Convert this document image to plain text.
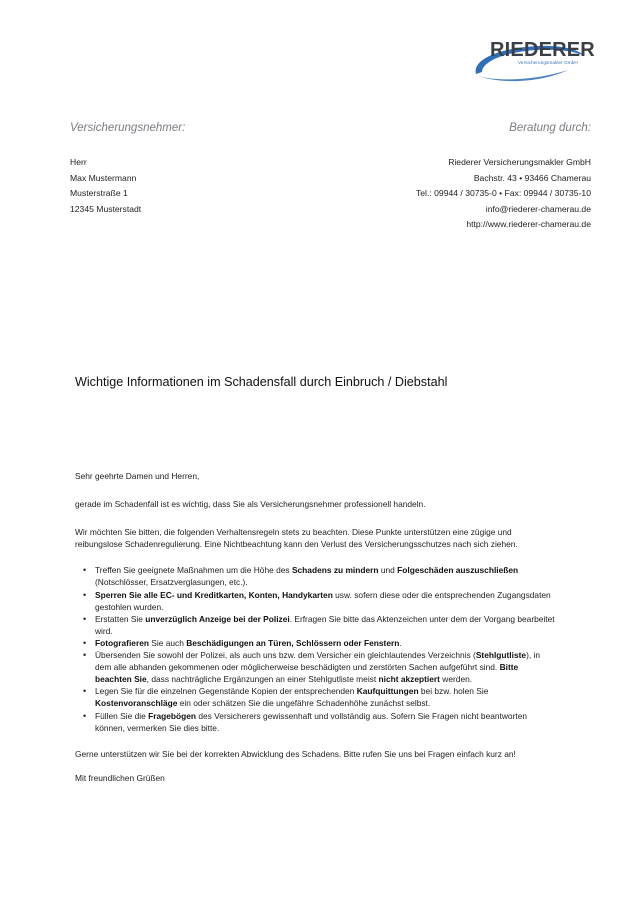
RIEDERER
Versicherungsmakler GmbH
Versicherungsnehmer:	Beratung durch:
Herr
Max Mustermann
Musterstraße 1
12345 Musterstadt
Riederer Versicherungsmakler GmbH
Bachstr. 43 • 93466 Chamerau
Tel.: 09944 / 30735-0 • Fax: 09944 / 30735-10
info@riederer-chamerau.de
http://www.riederer-chamerau.de
Wichtige Informationen im Schadensfall durch Einbruch / Diebstahl

Sehr geehrte Damen und Herren,

gerade im Schadenfall ist es wichtig, dass Sie als Versicherungsnehmer professionell handeln.

Wir möchten Sie bitten, die folgenden Verhaltensregeln stets zu beachten. Diese Punkte unterstützen eine zügige und reibungslose Schadenregulierung. Eine Nichtbeachtung kann den Verlust des Versicherungsschutzes nach sich ziehen.

• Treffen Sie geeignete Maßnahmen um die Höhe des Schadens zu mindern und Folgeschäden auszuschließen (Notschlösser, Ersatzverglasungen, etc.).
• Sperren Sie alle EC- und Kreditkarten, Konten, Handykarten usw. sofern diese oder die entsprechenden Zugangsdaten gestohlen wurden.
• Erstatten Sie unverzüglich Anzeige bei der Polizei. Erfragen Sie bitte das Aktenzeichen unter dem der Vorgang bearbeitet wird.
• Fotografieren Sie auch Beschädigungen an Türen, Schlössern oder Fenstern.
• Übersenden Sie sowohl der Polizei, als auch uns bzw. dem Versicher ein gleichlautendes Verzeichnis (Stehlgutliste), in dem alle abhanden gekommenen oder möglicherweise beschädigten und zerstörten Sachen aufgeführt sind. Bitte beachten Sie, dass nachträgliche Ergänzungen an einer Stehlgutliste meist nicht akzeptiert werden.
• Legen Sie für die einzelnen Gegenstände Kopien der entsprechenden Kaufquittungen bei bzw. holen Sie Kostenvoranschläge ein oder schätzen Sie die ungefähre Schadenhöhe zunächst selbst.
• Füllen Sie die Fragebögen des Versicherers gewissenhaft und vollständig aus. Sofern Sie Fragen nicht beantworten können, vermerken Sie dies bitte.

Gerne unterstützen wir Sie bei der korrekten Abwicklung des Schadens. Bitte rufen Sie uns bei Fragen einfach kurz an!

Mit freundlichen Grüßen
